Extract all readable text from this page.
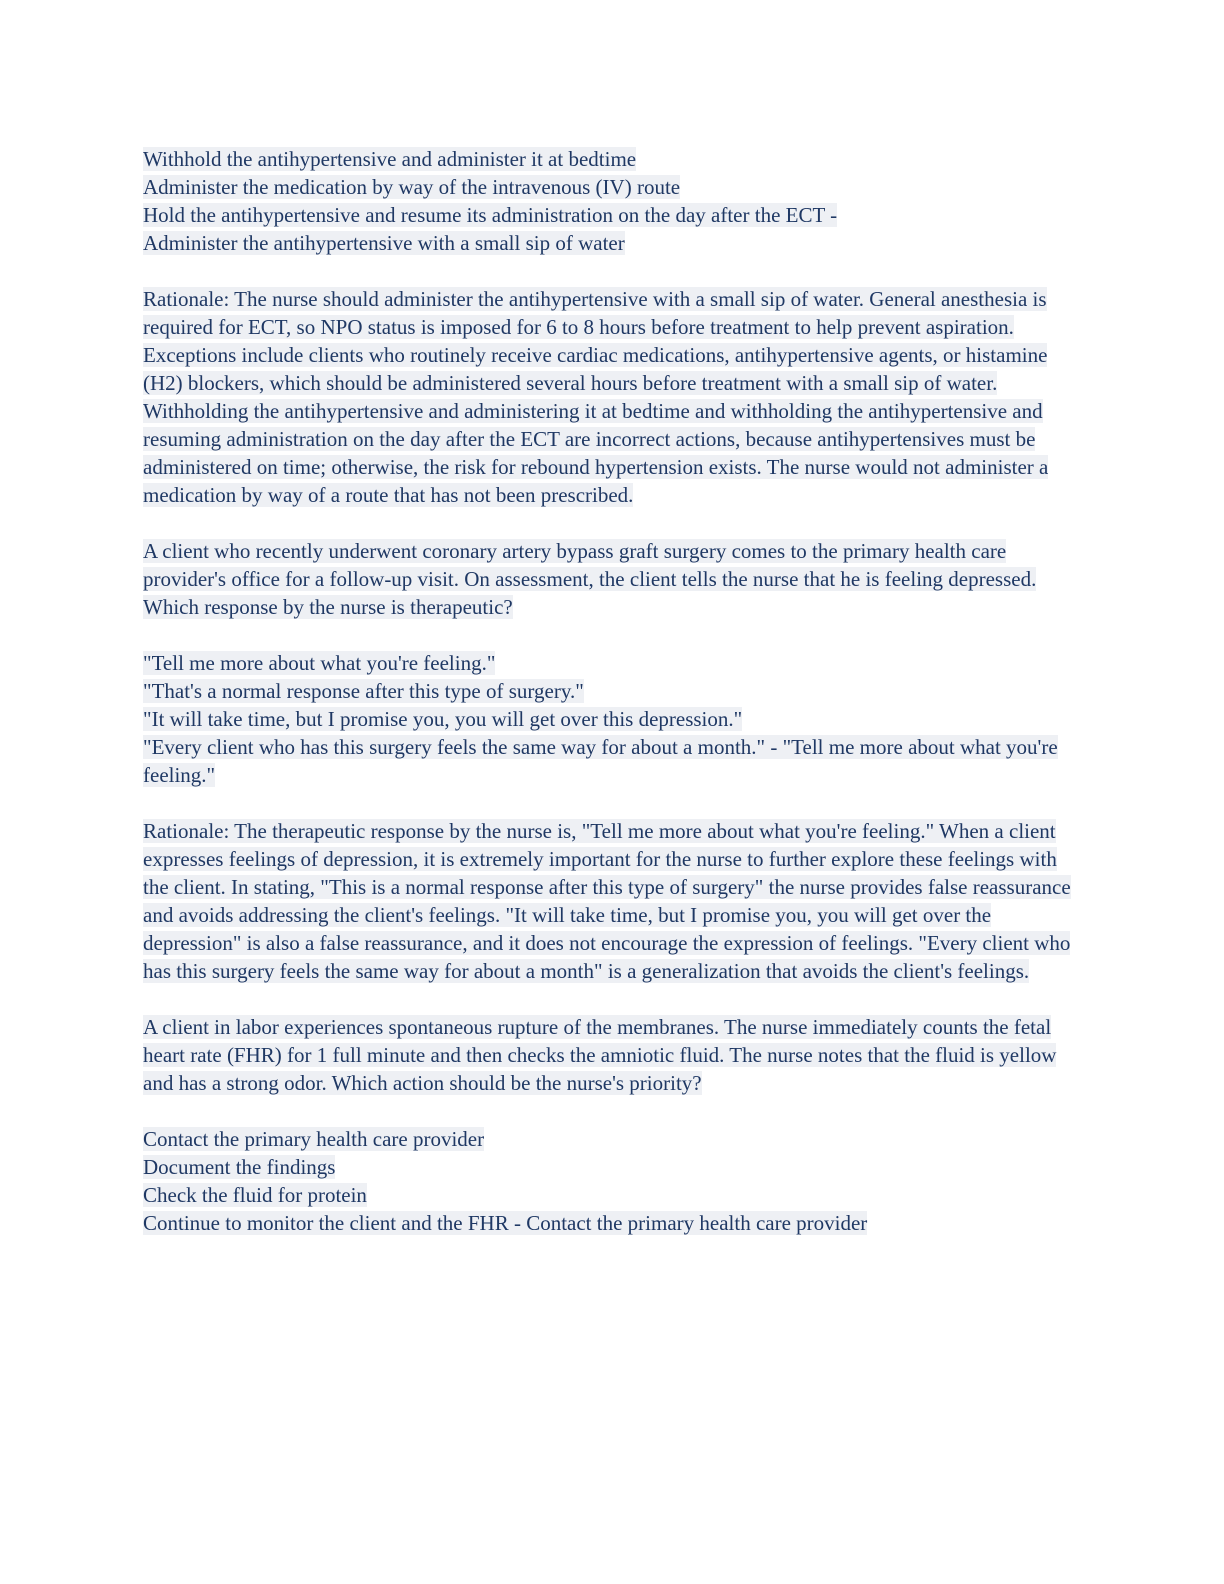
Withhold the antihypertensive and administer it at bedtime
Administer the medication by way of the intravenous (IV) route
Hold the antihypertensive and resume its administration on the day after the ECT -
Administer the antihypertensive with a small sip of water
Rationale: The nurse should administer the antihypertensive with a small sip of water. General anesthesia is required for ECT, so NPO status is imposed for 6 to 8 hours before treatment to help prevent aspiration. Exceptions include clients who routinely receive cardiac medications, antihypertensive agents, or histamine (H2) blockers, which should be administered several hours before treatment with a small sip of water. Withholding the antihypertensive and administering it at bedtime and withholding the antihypertensive and resuming administration on the day after the ECT are incorrect actions, because antihypertensives must be administered on time; otherwise, the risk for rebound hypertension exists. The nurse would not administer a medication by way of a route that has not been prescribed.
A client who recently underwent coronary artery bypass graft surgery comes to the primary health care provider's office for a follow-up visit. On assessment, the client tells the nurse that he is feeling depressed. Which response by the nurse is therapeutic?
"Tell me more about what you're feeling."
"That's a normal response after this type of surgery."
"It will take time, but I promise you, you will get over this depression."
"Every client who has this surgery feels the same way for about a month." - "Tell me more about what you're feeling."
Rationale: The therapeutic response by the nurse is, "Tell me more about what you're feeling." When a client expresses feelings of depression, it is extremely important for the nurse to further explore these feelings with the client. In stating, "This is a normal response after this type of surgery" the nurse provides false reassurance and avoids addressing the client's feelings. "It will take time, but I promise you, you will get over the depression" is also a false reassurance, and it does not encourage the expression of feelings. "Every client who has this surgery feels the same way for about a month" is a generalization that avoids the client's feelings.
A client in labor experiences spontaneous rupture of the membranes. The nurse immediately counts the fetal heart rate (FHR) for 1 full minute and then checks the amniotic fluid. The nurse notes that the fluid is yellow and has a strong odor. Which action should be the nurse's priority?
Contact the primary health care provider
Document the findings
Check the fluid for protein
Continue to monitor the client and the FHR - Contact the primary health care provider
